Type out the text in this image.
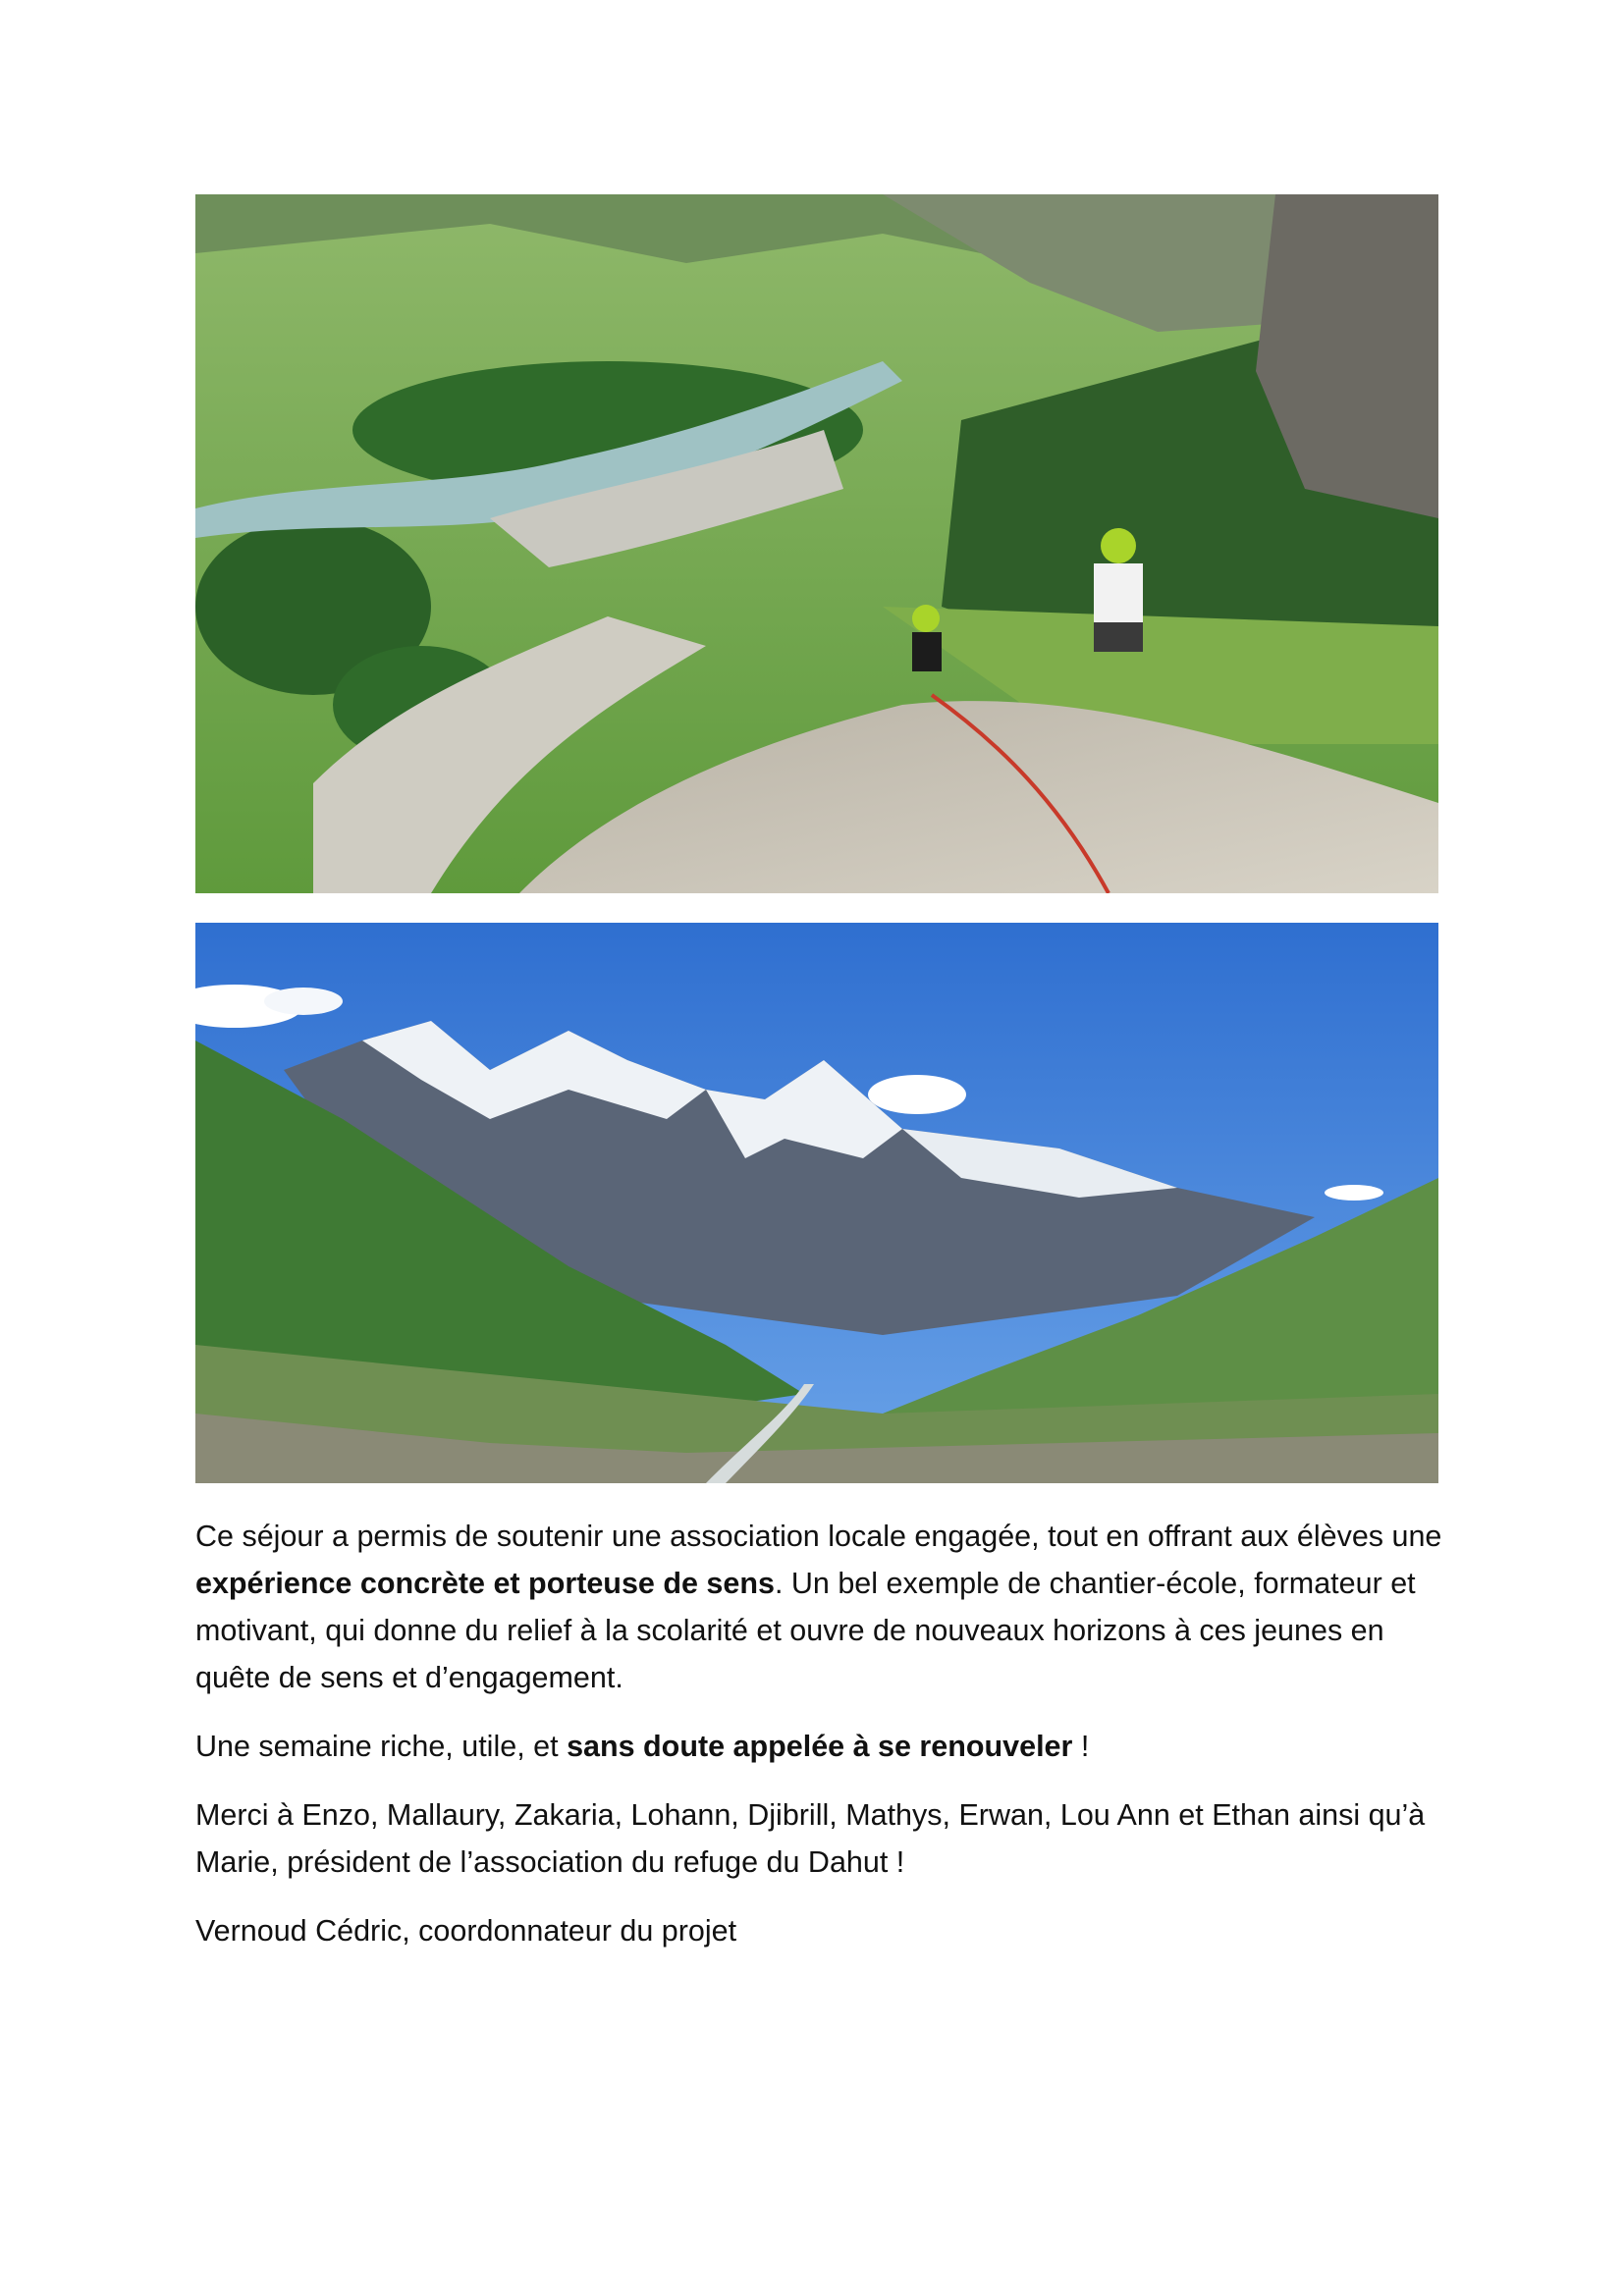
Ce séjour a permis de soutenir une association locale engagée, tout en offrant aux élèves une expérience concrète et porteuse de sens. Un bel exemple de chantier-école, formateur et motivant, qui donne du relief à la scolarité et ouvre de nouveaux horizons à ces jeunes en quête de sens et d’engagement.

Une semaine riche, utile, et sans doute appelée à se renouveler !

Merci à Enzo, Mallaury, Zakaria, Lohann, Djibrill, Mathys, Erwan, Lou Ann et Ethan ainsi qu’à Marie, président de l’association du refuge du Dahut !

Vernoud Cédric, coordonnateur du projet
